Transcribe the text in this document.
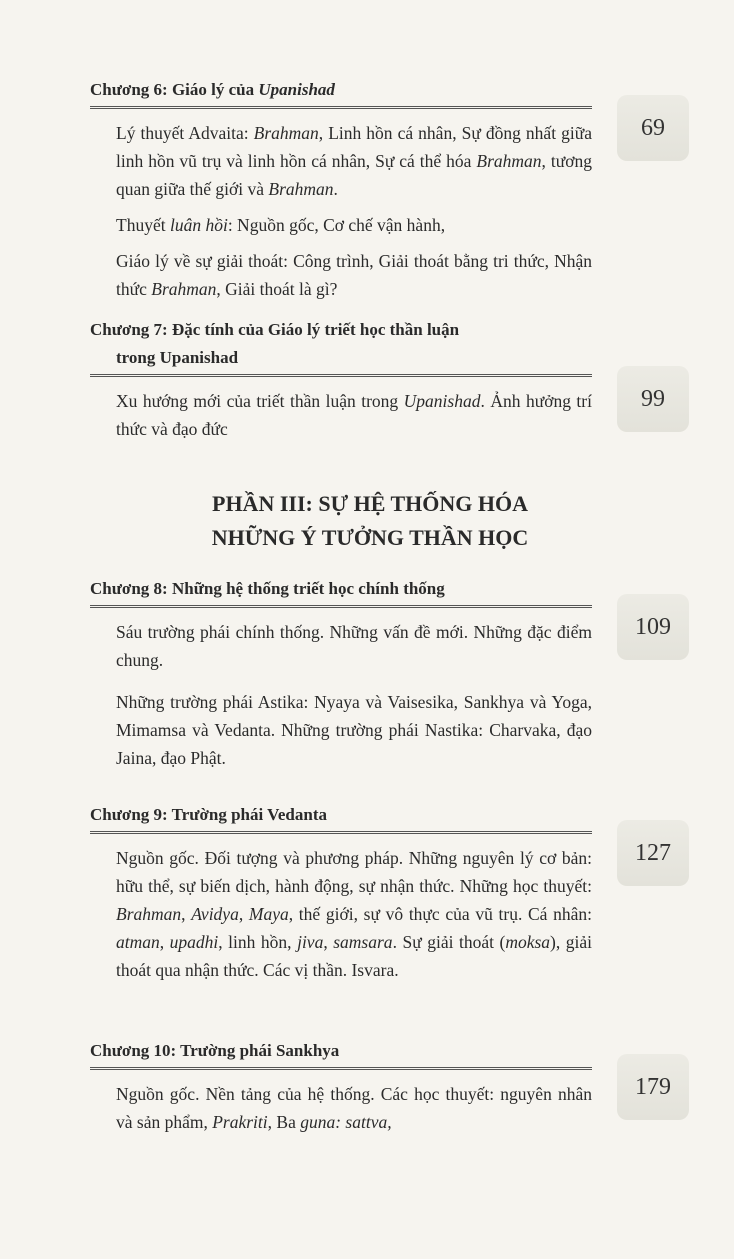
Chương 6: Giáo lý của Upanishad

Lý thuyết Advaita: Brahman, Linh hồn cá nhân, Sự đồng nhất giữa linh hồn vũ trụ và linh hồn cá nhân, Sự cá thể hóa Brahman, tương quan giữa thế giới và Brahman.

Thuyết luân hồi: Nguồn gốc, Cơ chế vận hành,

Giáo lý về sự giải thoát: Công trình, Giải thoát bằng tri thức, Nhận thức Brahman, Giải thoát là gì?

69
Chương 7: Đặc tính của Giáo lý triết học thần luận
trong Upanishad

Xu hướng mới của triết thần luận trong Upanishad. Ảnh hưởng trí thức và đạo đức

99
PHẦN III: SỰ HỆ THỐNG HÓA
NHỮNG Ý TƯỞNG THẦN HỌC
Chương 8: Những hệ thống triết học chính thống

Sáu trường phái chính thống. Những vấn đề mới. Những đặc điểm chung.

Những trường phái Astika: Nyaya và Vaisesika, Sankhya và Yoga, Mimamsa và Vedanta. Những trường phái Nastika: Charvaka, đạo Jaina, đạo Phật.

109
Chương 9: Trường phái Vedanta

Nguồn gốc. Đối tượng và phương pháp. Những nguyên lý cơ bản: hữu thể, sự biến dịch, hành động, sự nhận thức. Những học thuyết: Brahman, Avidya, Maya, thế giới, sự vô thực của vũ trụ. Cá nhân: atman, upadhi, linh hồn, jiva, samsara. Sự giải thoát (moksa), giải thoát qua nhận thức. Các vị thần. Isvara.

127
Chương 10: Trường phái Sankhya

Nguồn gốc. Nền tảng của hệ thống. Các học thuyết: nguyên nhân và sản phẩm, Prakriti, Ba guna: sattva,

179
